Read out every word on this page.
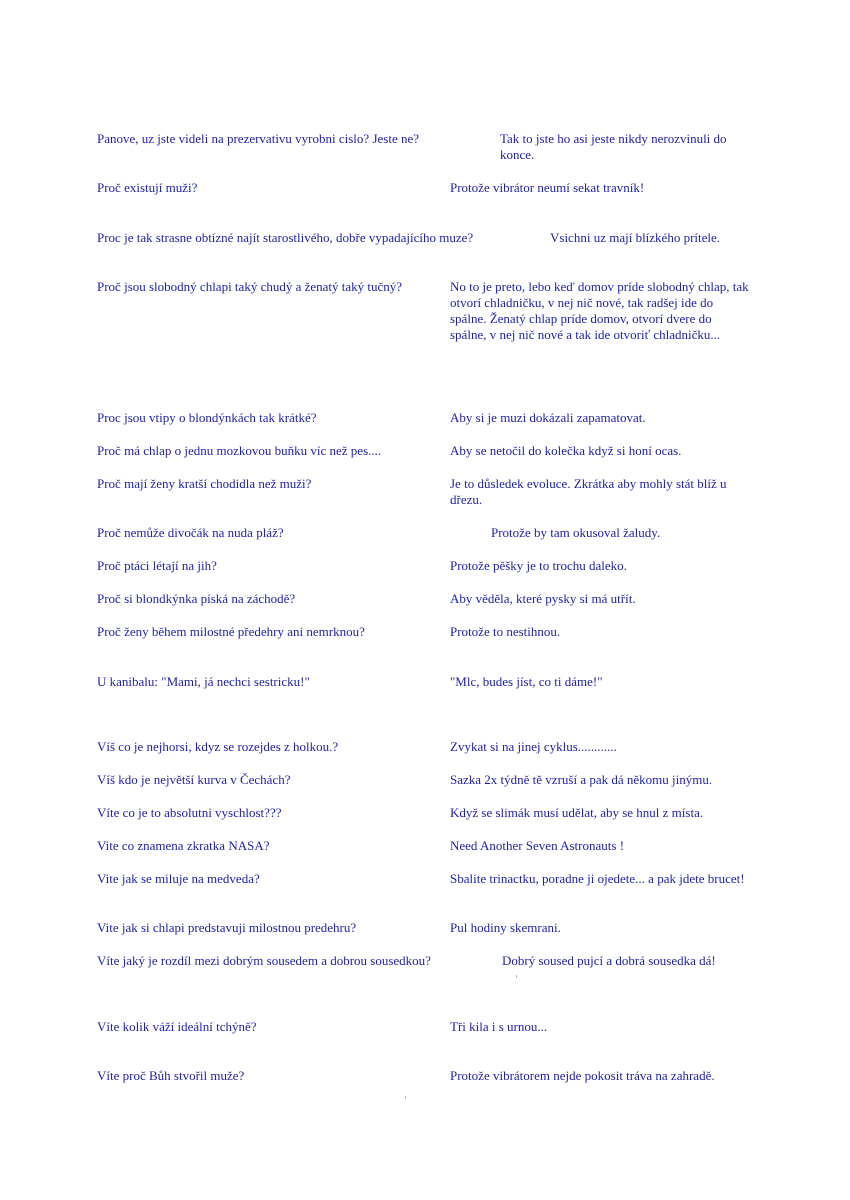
Panove, uz jste videli na prezervativu vyrobni cislo? Jeste ne?	Tak to jste ho asi jeste nikdy nerozvinuli do konce.
Proč existují muži?	Protože vibrátor neumí sekat travník!
Proc je tak strasne obtízné najít starostlivého, dobře vypadajícího muze?	Vsichni uz mají blízkého prítele.
Proč jsou slobodný chlapi taký chudý a ženatý taký tučný?	No to je preto, lebo keď domov príde slobodný chlap, tak otvorí chladničku, v nej nič nové, tak radšej ide do spálne. Ženatý chlap príde domov, otvorí dvere do spálne, v nej nič nové a tak ide otvoriť chladničku...
Proc jsou vtipy o blondýnkách tak krátké?	Aby si je muzi dokázali zapamatovat.
Proč má chlap o jednu mozkovou buňku víc než pes....	Aby se netočil do kolečka když si honí ocas.
Proč mají ženy kratší chodidla než muži?	Je to důsledek evoluce. Zkrátka aby mohly stát blíž u dřezu.
Proč nemůže divočák na nuda pláž?	Protože by tam okusoval žaludy.
Proč ptáci létají na jih?	Protože pěšky je to trochu daleko.
Proč si blondkýnka píská na záchodě?	Aby věděla, které pysky si má utřít.
Proč ženy během milostné předehry ani nemrknou?	Protože to nestihnou.
U kanibalu: "Mami, já nechci sestricku!"	"Mlc, budes jíst, co ti dáme!"
Víš co je nejhorsi, kdyz se rozejdes z holkou.?	Zvykat si na jinej cyklus............
Víš kdo je největší kurva v Čechách?	Sazka 2x týdně tě vzruší a pak dá někomu jinýmu.
Víte co je to absolutni vyschlost???	Když se slimák musí udělat, aby se hnul z místa.
Vite co znamena zkratka NASA?	Need Another Seven Astronauts !
Vite jak se miluje na medveda?	Sbalite trinactku, poradne ji ojedete... a pak jdete brucet!
Vite jak si chlapi predstavuji milostnou predehru?	Pul hodiny skemrani.
Víte jaký je rozdíl mezi dobrým sousedem a dobrou sousedkou?	Dobrý soused pujcí a dobrá sousedka dá!
Víte kolik váží ideální tchýně?	Tři kila i s urnou...
Víte proč Bůh stvořil muže?	Protože vibrátorem nejde pokosit tráva na zahradě.
